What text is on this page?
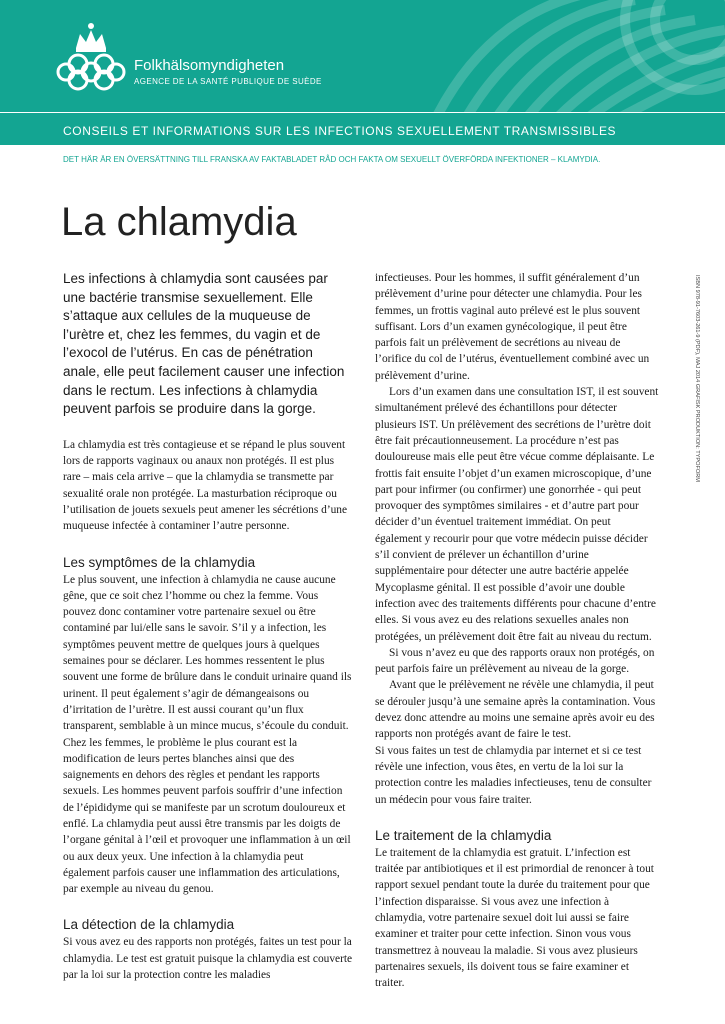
Folkhälsomyndigheten
AGENCE DE LA SANTÉ PUBLIQUE DE SUÈDE
CONSEILS ET INFORMATIONS SUR LES INFECTIONS SEXUELLEMENT TRANSMISSIBLES
DET HÄR ÄR EN ÖVERSÄTTNING TILL FRANSKA AV FAKTABLADET RÅD OCH FAKTA OM SEXUELLT ÖVERFÖRDA INFEKTIONER – KLAMYDIA.
La chlamydia

Les infections à chlamydia sont causées par une bactérie transmise sexuellement. Elle s’attaque aux cellules de la muqueuse de l’urètre et, chez les femmes, du vagin et de l’exocol de l’utérus. En cas de pénétration anale, elle peut facilement causer une infection dans le rectum. Les infections à chlamydia peuvent parfois se produire dans la gorge.

La chlamydia est très contagieuse et se répand le plus souvent lors de rapports vaginaux ou anaux non protégés. Il est plus rare – mais cela arrive – que la chlamydia se transmette par sexualité orale non protégée. La masturbation réciproque ou l’utilisation de jouets sexuels peut amener les sécrétions d’une muqueuse infectée à contaminer l’autre personne.

Les symptômes de la chlamydia

Le plus souvent, une infection à chlamydia ne cause aucune gêne, que ce soit chez l’homme ou chez la femme. Vous pouvez donc contaminer votre partenaire sexuel ou être contaminé par lui/elle sans le savoir. S’il y a infection, les symptômes peuvent mettre de quelques jours à quelques semaines pour se déclarer. Les hommes ressentent le plus souvent une forme de brûlure dans le conduit urinaire quand ils urinent. Il peut également s’agir de démangeaisons ou d’irritation de l’urètre. Il est aussi courant qu’un flux transparent, semblable à un mince mucus, s’écoule du conduit. Chez les femmes, le problème le plus courant est la modification de leurs pertes blanches ainsi que des saignements en dehors des règles et pendant les rapports sexuels. Les hommes peuvent parfois souffrir d’une infection de l’épididyme qui se manifeste par un scrotum douloureux et enflé. La chlamydia peut aussi être transmis par les doigts de l’organe génital à l’œil et provoquer une inflammation à un œil ou aux deux yeux. Une infection à la chlamydia peut également parfois causer une inflammation des articulations, par exemple au niveau du genou.

La détection de la chlamydia

Si vous avez eu des rapports non protégés, faites un test pour la chlamydia. Le test est gratuit puisque la chlamydia est couverte par la loi sur la protection contre les maladies

infectieuses. Pour les hommes, il suffit généralement d’un prélèvement d’urine pour détecter une chlamydia. Pour les femmes, un frottis vaginal auto prélevé est le plus souvent suffisant. Lors d’un examen gynécologique, il peut être parfois fait un prélèvement de secrétions au niveau de l’orifice du col de l’utérus, éventuellement combiné avec un prélèvement d’urine.

Lors d’un examen dans une consultation IST, il est souvent simultanément prélevé des échantillons pour détecter plusieurs IST. Un prélèvement des secrétions de l’urètre doit être fait précautionneusement. La procédure n’est pas douloureuse mais elle peut être vécue comme déplaisante. Le frottis fait ensuite l’objet d’un examen microscopique, d’une part pour infirmer (ou confirmer) une gonorrhée - qui peut provoquer des symptômes similaires - et d’autre part pour décider d’un éventuel traitement immédiat. On peut également y recourir pour que votre médecin puisse décider s’il convient de prélever un échantillon d’urine supplémentaire pour détecter une autre bactérie appelée Mycoplasme génital. Il est possible d’avoir une double infection avec des traitements différents pour chacune d’entre elles. Si vous avez eu des relations sexuelles anales non protégées, un prélèvement doit être fait au niveau du rectum.

Si vous n’avez eu que des rapports oraux non protégés, on peut parfois faire un prélèvement au niveau de la gorge.

Avant que le prélèvement ne révèle une chlamydia, il peut se dérouler jusqu’à une semaine après la contamination. Vous devez donc attendre au moins une semaine après avoir eu des rapports non protégés avant de faire le test.

Si vous faites un test de chlamydia par internet et si ce test révèle une infection, vous êtes, en vertu de la loi sur la protection contre les maladies infectieuses, tenu de consulter un médecin pour vous faire traiter.

Le traitement de la chlamydia

Le traitement de la chlamydia est gratuit. L’infection est traitée par antibiotiques et il est primordial de renoncer à tout rapport sexuel pendant toute la durée du traitement pour que l’infection disparaisse. Si vous avez une infection à chlamydia, votre partenaire sexuel doit lui aussi se faire examiner et traiter pour cette infection. Sinon vous vous transmettrez à nouveau la maladie. Si vous avez plusieurs partenaires sexuels, ils doivent tous se faire examiner et traiter.

ISBN 978-91-7603-261-9 (PDF), MAJ 2014 GRAFISK PRODUKTION: TYPOFORM
